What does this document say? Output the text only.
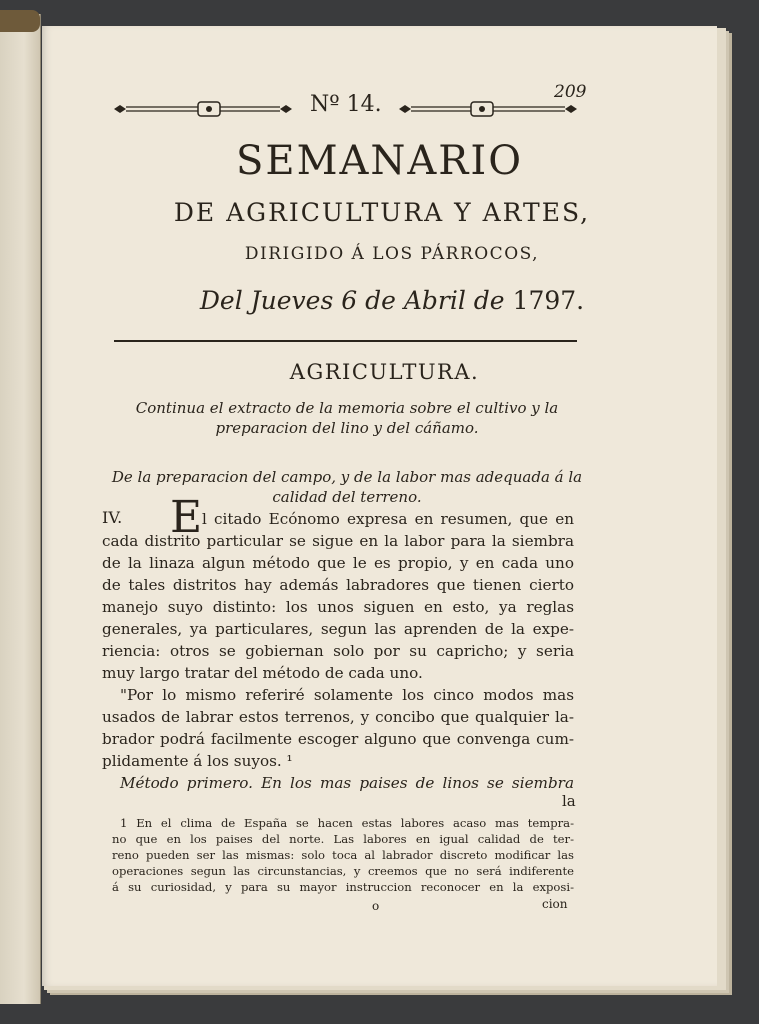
209
Nº 14.
SEMANARIO
DE AGRICULTURA Y ARTES,
DIRIGIDO Á LOS PÁRROCOS,
Del Jueves 6 de Abril de 1797.
AGRICULTURA.
Continua el extracto de la memoria sobre el cultivo y la preparacion del lino y del cáñamo.
De la preparacion del campo, y de la labor mas adequada á la calidad del terreno.
IV. E l citado Ecónomo expresa en resumen, que en
cada distrito particular se sigue en la labor para la siembra
de la linaza algun método que le es propio, y en cada uno
de tales distritos hay además labradores que tienen cierto
manejo suyo distinto: los unos siguen en esto, ya reglas
generales, ya particulares, segun las aprenden de la expe-
riencia: otros se gobiernan solo por su capricho; y seria
muy largo tratar del método de cada uno.
"Por lo mismo referiré solamente los cinco modos mas
usados de labrar estos terrenos, y concibo que qualquier la-
brador podrá facilmente escoger alguno que convenga cum-
plidamente á los suyos. ¹
Método primero. En los mas paises de linos se siembra
la
1 En el clima de España se hacen estas labores acaso mas tempra-
no que en los paises del norte. Las labores en igual calidad de ter-
reno pueden ser las mismas: solo toca al labrador discreto modificar las
operaciones segun las circunstancias, y creemos que no será indiferente
á su curiosidad, y para su mayor instruccion reconocer en la exposi-
o	cion
